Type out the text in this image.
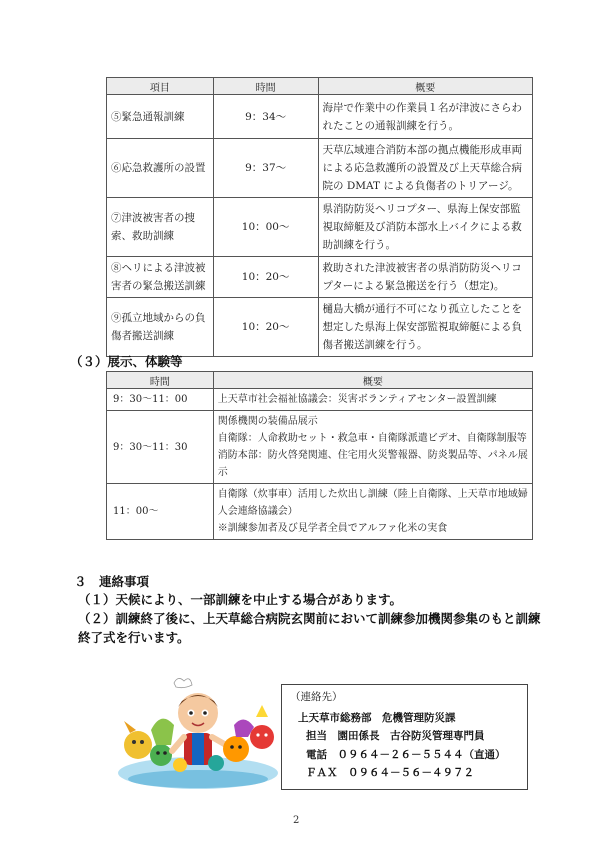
項目	時間	概要
⑤緊急通報訓練	9：34～	海岸で作業中の作業員１名が津波にさらわれたことの通報訓練を行う。
⑥応急救護所の設置	9：37～	天草広域連合消防本部の拠点機能形成車両による応急救護所の設置及び上天草総合病院の DMAT による負傷者のトリアージ。
⑦津波被害者の捜索、救助訓練	10：00～	県消防防災ヘリコプター、県海上保安部監視取締艇及び消防本部水上バイクによる救助訓練を行う。
⑧ヘリによる津波被害者の緊急搬送訓練	10：20～	救助された津波被害者の県消防防災ヘリコプターによる緊急搬送を行う（想定)。
⑨孤立地域からの負傷者搬送訓練	10：20～	樋島大橋が通行不可になり孤立したことを想定した県海上保安部監視取締艇による負傷者搬送訓練を行う。
（３）展示、体験等
時間	概要
9：30～11：00	上天草市社会福祉協議会：災害ボランティアセンター設置訓練

9：30～11：30	関係機関の装備品展示
自衛隊：人命救助セット・救急車・自衛隊派遣ビデオ、自衛隊制服等
消防本部：防火啓発関連、住宅用火災警報器、防炎製品等、パネル展示

11：00～	自衛隊（炊事車）活用した炊出し訓練（陸上自衛隊、上天草市地域婦人会連絡協議会）
※訓練参加者及び見学者全員でアルファ化米の実食
３　連絡事項
（１）天候により、一部訓練を中止する場合があります。
（２）訓練終了後に、上天草総合病院玄関前において訓練参加機関参集のもと訓練終了式を行います。
（連絡先）
上天草市総務部　危機管理防災課
担当　園田係長　古谷防災管理専門員
電話　０９６４－２６－５５４４（直通）
ＦＡＸ　０９６４－５６－４９７２
2
